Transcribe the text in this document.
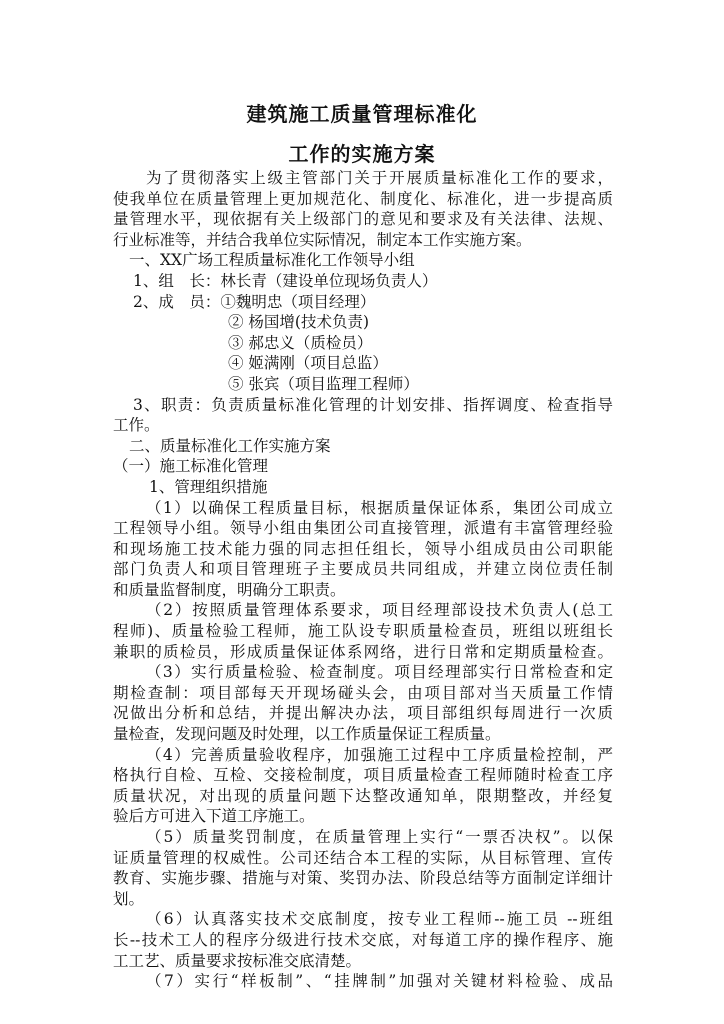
建筑施工质量管理标准化
工作的实施方案
为了贯彻落实上级主管部门关于开展质量标准化工作的要求，
使我单位在质量管理上更加规范化、制度化、标准化，进一步提高质
量管理水平，现依据有关上级部门的意见和要求及有关法律、法规、
行业标准等，并结合我单位实际情况，制定本工作实施方案。
一、XX广场工程质量标准化工作领导小组
1、组　长：林长青（建设单位现场负责人）
2、成　员：①魏明忠（项目经理）
② 杨国增(技术负责)
③ 郝忠义（质检员）
④ 姬满刚（项目总监）
⑤ 张宾（项目监理工程师）
3、职责：负责质量标准化管理的计划安排、指挥调度、检查指导
工作。
二、质量标准化工作实施方案
（一）施工标准化管理
1、管理组织措施
（1）以确保工程质量目标，根据质量保证体系，集团公司成立
工程领导小组。领导小组由集团公司直接管理，派遣有丰富管理经验
和现场施工技术能力强的同志担任组长，领导小组成员由公司职能
部门负责人和项目管理班子主要成员共同组成，并建立岗位责任制
和质量监督制度，明确分工职责。
（2）按照质量管理体系要求，项目经理部设技术负责人(总工
程师)、质量检验工程师，施工队设专职质量检查员，班组以班组长
兼职的质检员，形成质量保证体系网络，进行日常和定期质量检查。
（3）实行质量检验、检查制度。项目经理部实行日常检查和定
期检查制：项目部每天开现场碰头会，由项目部对当天质量工作情
况做出分析和总结，并提出解决办法，项目部组织每周进行一次质
量检查，发现问题及时处理，以工作质量保证工程质量。
（4）完善质量验收程序，加强施工过程中工序质量检控制，严
格执行自检、互检、交接检制度，项目质量检查工程师随时检查工序
质量状况，对出现的质量问题下达整改通知单，限期整改，并经复
验后方可进入下道工序施工。
（5）质量奖罚制度，在质量管理上实行“一票否决权”。以保
证质量管理的权威性。公司还结合本工程的实际，从目标管理、宣传
教育、实施步骤、措施与对策、奖罚办法、阶段总结等方面制定详细计
划。
（6）认真落实技术交底制度，按专业工程师--施工员 --班组
长--技术工人的程序分级进行技术交底，对每道工序的操作程序、施
工工艺、质量要求按标准交底清楚。
（7）实行“样板制”、“挂牌制”加强对关键材料检验、成品
